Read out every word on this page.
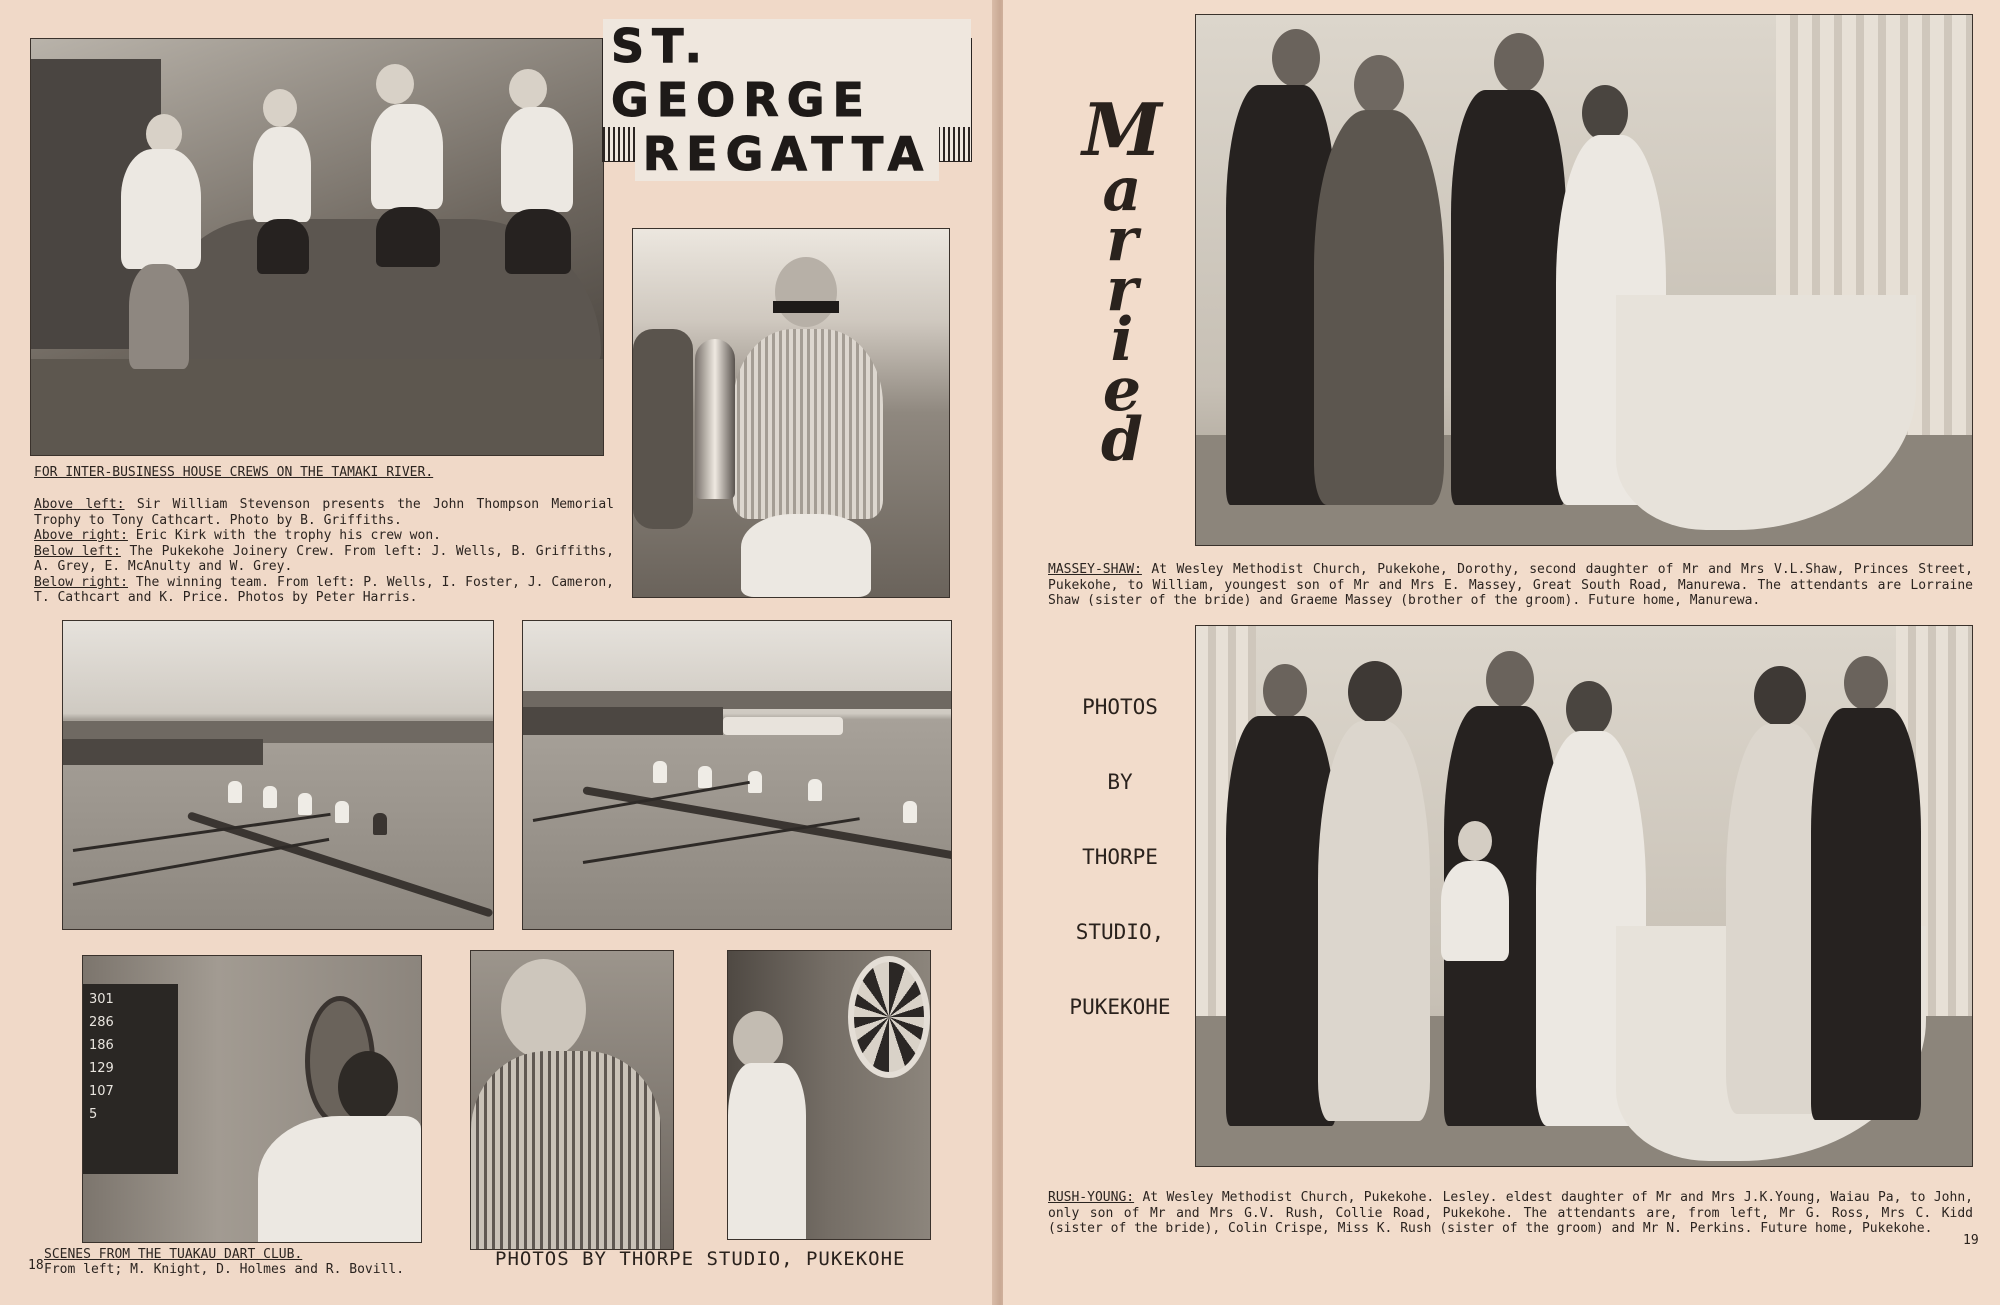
ST. GEORGE
REGATTA
FOR INTER-BUSINESS HOUSE CREWS ON THE TAMAKI RIVER.
Above left: Sir William Stevenson presents the John Thompson Memorial Trophy to Tony Cathcart. Photo by B. Griffiths.
Above right: Eric Kirk with the trophy his crew won.
Below left: The Pukekohe Joinery Crew. From left: J. Wells, B. Griffiths, A. Grey, E. McAnulty and W. Grey.
Below right: The winning team. From left: P. Wells, I. Foster, J. Cameron, T. Cathcart and K. Price. Photos by Peter Harris.
301
286
186
129
107
5
SCENES FROM THE TUAKAU DART CLUB.
From left; M. Knight, D. Holmes and R. Bovill.
18	PHOTOS BY THORPE STUDIO, PUKEKOHE
M
a
r
r
i
e
d
MASSEY-SHAW: At Wesley Methodist Church, Pukekohe, Dorothy, second daughter of Mr and Mrs V.L.Shaw, Princes Street, Pukekohe, to William, youngest son of Mr and Mrs E. Massey, Great South Road, Manurewa. The attendants are Lorraine Shaw (sister of the bride) and Graeme Massey (brother of the groom). Future home, Manurewa.
PHOTOS
BY
THORPE
STUDIO,
PUKEKOHE
RUSH-YOUNG: At Wesley Methodist Church, Pukekohe. Lesley. eldest daughter of Mr and Mrs J.K.Young, Waiau Pa, to John, only son of Mr and Mrs G.V. Rush, Collie Road, Pukekohe. The attendants are, from left, Mr G. Ross, Mrs C. Kidd (sister of the bride), Colin Crispe, Miss K. Rush (sister of the groom) and Mr N. Perkins. Future home, Pukekohe.
19
